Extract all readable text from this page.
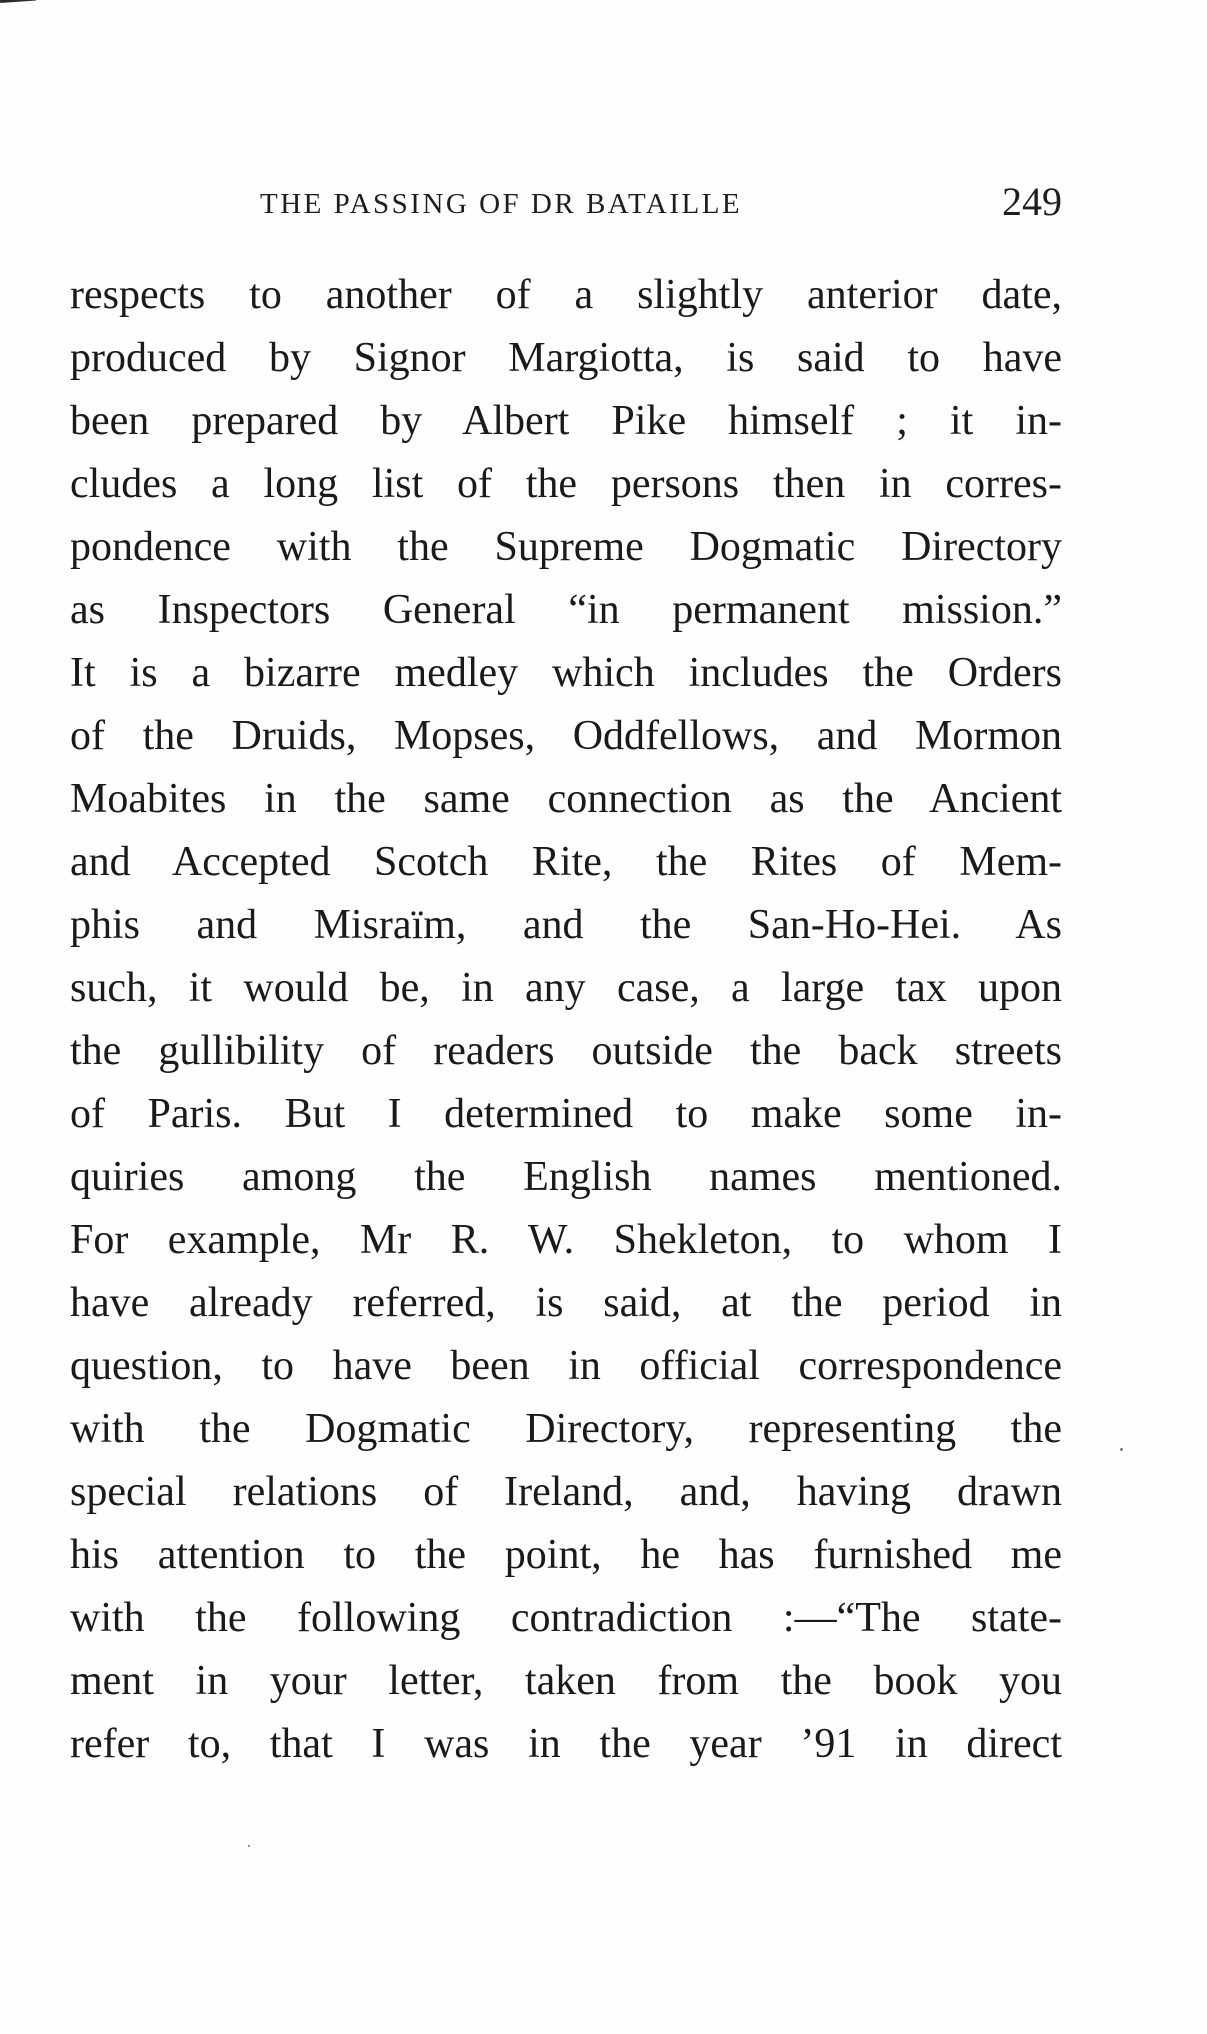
THE PASSING OF DR BATAILLE	249
respects to another of a slightly anterior date,
produced by Signor Margiotta, is said to have
been prepared by Albert Pike himself ; it in-
cludes a long list of the persons then in corres-
pondence with the Supreme Dogmatic Directory
as Inspectors General “in permanent mission.”
It is a bizarre medley which includes the Orders
of the Druids, Mopses, Oddfellows, and Mormon
Moabites in the same connection as the Ancient
and Accepted Scotch Rite, the Rites of Mem-
phis and Misraïm, and the San-Ho-Hei. As
such, it would be, in any case, a large tax upon
the gullibility of readers outside the back streets
of Paris. But I determined to make some in-
quiries among the English names mentioned.
For example, Mr R. W. Shekleton, to whom I
have already referred, is said, at the period in
question, to have been in official correspondence
with the Dogmatic Directory, representing the
special relations of Ireland, and, having drawn
his attention to the point, he has furnished me
with the following contradiction :—“The state-
ment in your letter, taken from the book you
refer to, that I was in the year ’91 in direct
